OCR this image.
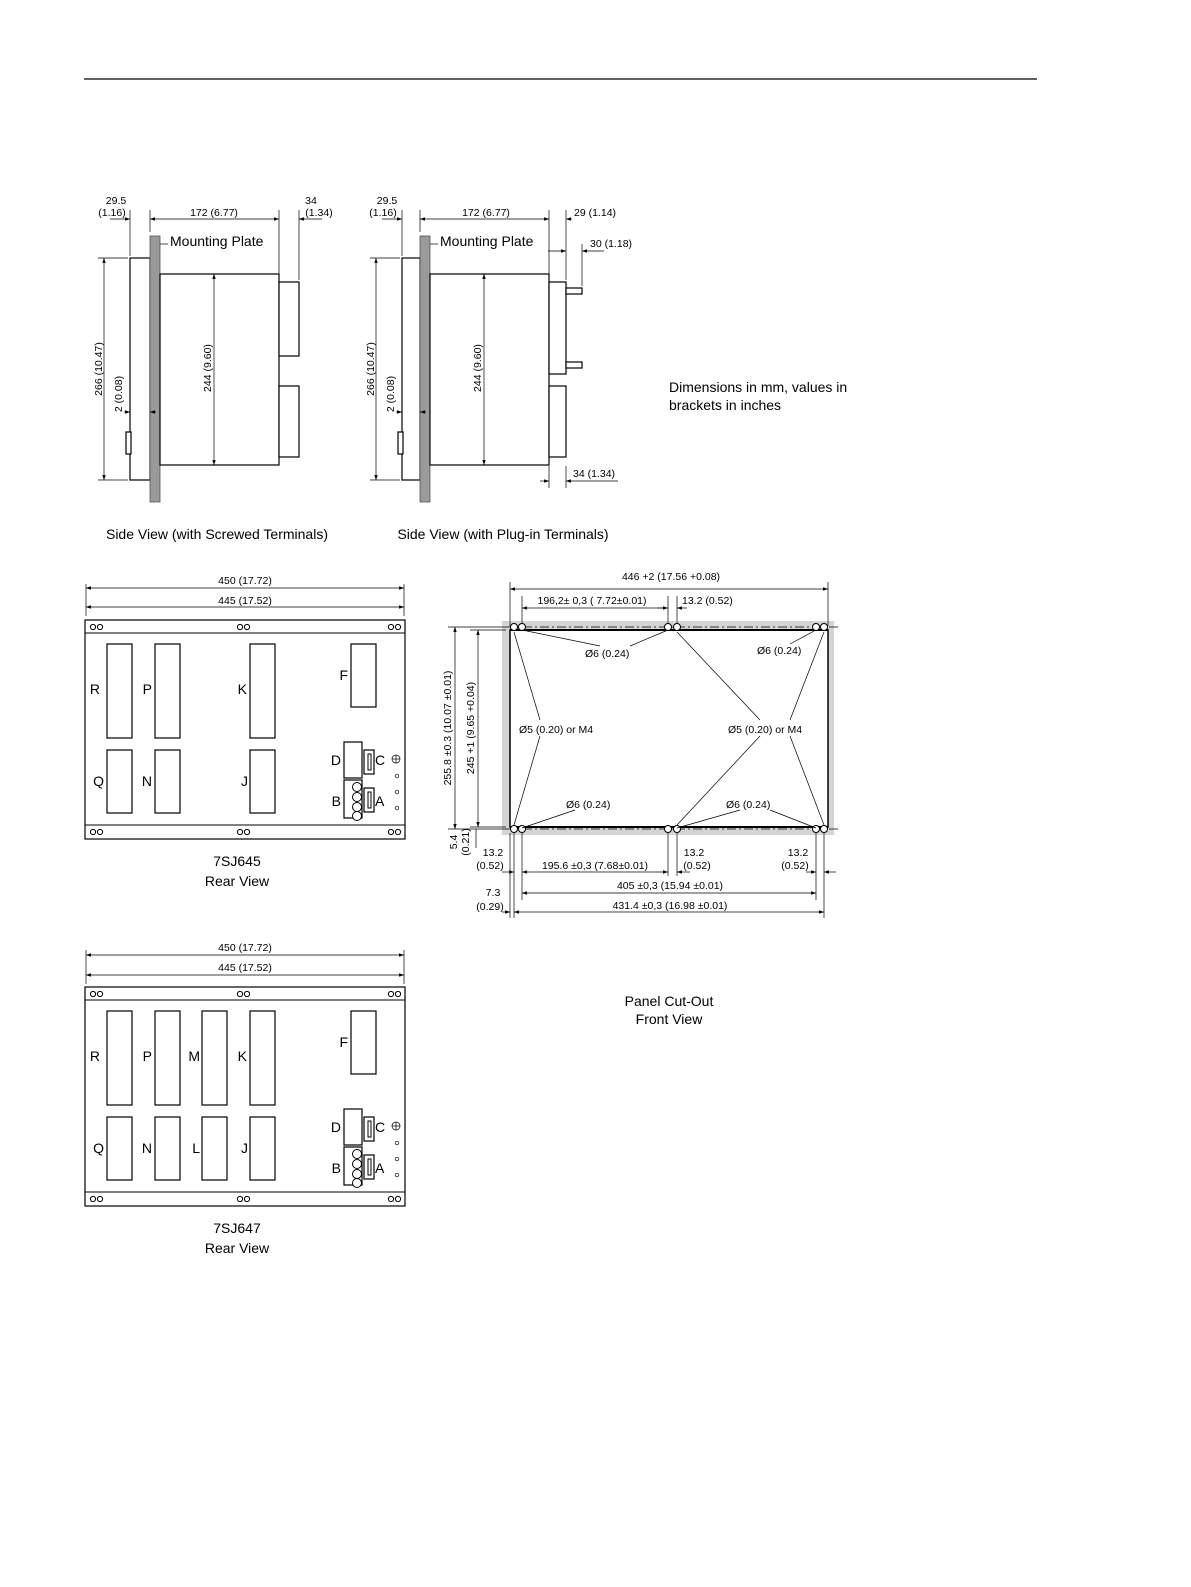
29.5
(1.16)	172 (6.77)
34
(1.34)
Mounting Plate
266 (10.47) 2 (0.08)
244 (9.60)
Side View (with Screwed Terminals)
29.5
(1.16)	172 (6.77)	29 (1.14)
30 (1.18)
Mounting Plate
266 (10.47) 2 (0.08)
244 (9.60)
34 (1.34)
Side View (with Plug-in Terminals)
Dimensions in mm, values in
brackets in inches
450 (17.72)
445 (17.52)
R	P	K
F
Q	N	J
D C
B A
7SJ645
Rear View
Ø6 (0.24)	Ø6 (0.24)
Ø5 (0.20) or M4	Ø5 (0.20) or M4
Ø6 (0.24)	Ø6 (0.24)
446 +2 (17.56 +0.08)
196,2± 0,3 ( 7.72±0.01)	13.2 (0.52)
255.8 ±0.3 (10.07 ±0.01) 245 +1 (9.65 +0.04)
5.4 (0.21) 13.2
(0.52)	195.6 ±0,3 (7.68±0.01)
13.2
(0.52)
13.2
(0.52)
405 ±0,3 (15.94 ±0.01)
7.3
(0.29)	431.4 ±0,3 (16.98 ±0.01)
Panel Cut-Out
Front View
450 (17.72)
445 (17.52)
R	P	M	K
F
Q	N	L	J
D C
B A
7SJ647
Rear View
